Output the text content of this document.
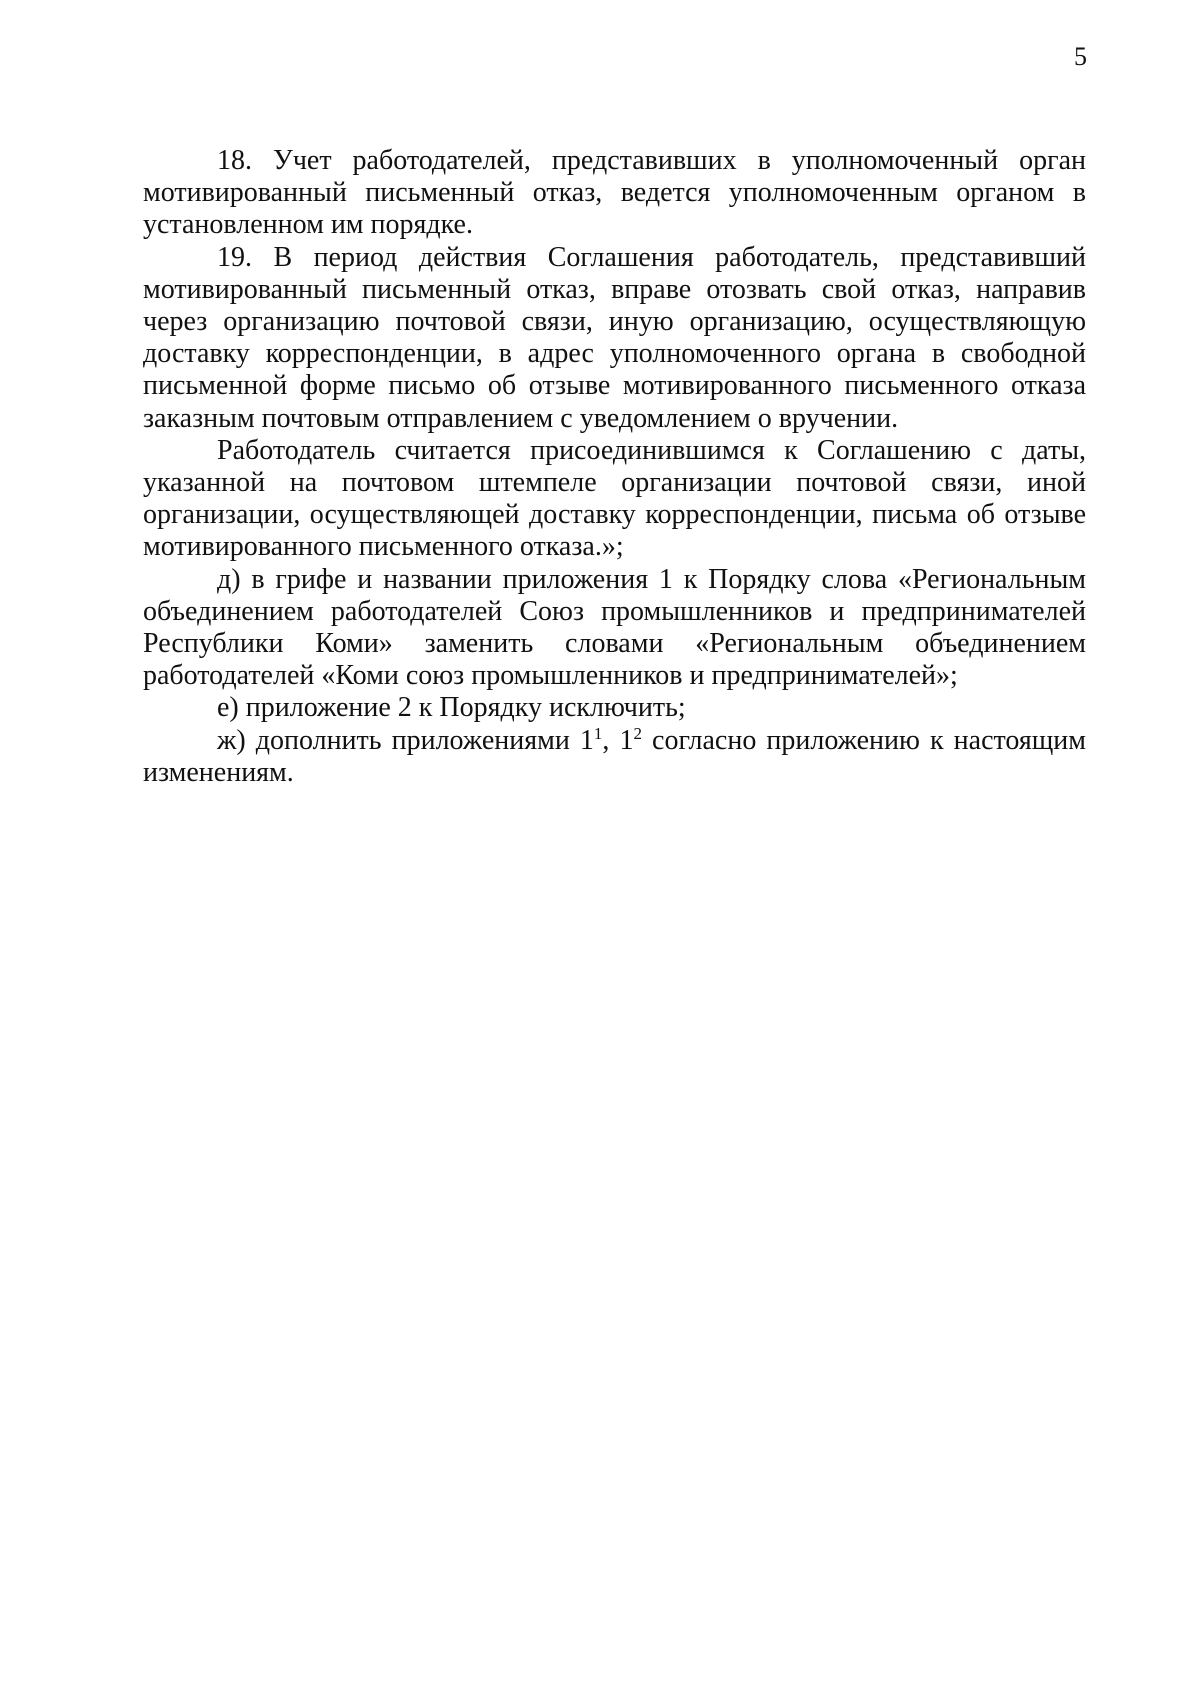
5

18. Учет работодателей, представивших в уполномоченный орган мотивированный письменный отказ, ведется уполномоченным органом в установленном им порядке.

19. В период действия Соглашения работодатель, представивший мотивированный письменный отказ, вправе отозвать свой отказ, направив через организацию почтовой связи, иную организацию, осуществляющую доставку корреспонденции, в адрес уполномоченного органа в свободной письменной форме письмо об отзыве мотивированного письменного отказа заказным почтовым отправлением с уведомлением о вручении.

Работодатель считается присоединившимся к Соглашению с даты, указанной на почтовом штемпеле организации почтовой связи, иной организации, осуществляющей доставку корреспонденции, письма об отзыве мотивированного письменного отказа.»;

д) в грифе и названии приложения 1 к Порядку слова «Региональным объединением работодателей Союз промышленников и предпринимателей Республики Коми» заменить словами «Региональным объединением работодателей «Коми союз промышленников и предпринимателей»;

е) приложение 2 к Порядку исключить;

ж) дополнить приложениями $1^1$, $1^2$ согласно приложению к настоящим изменениям.
